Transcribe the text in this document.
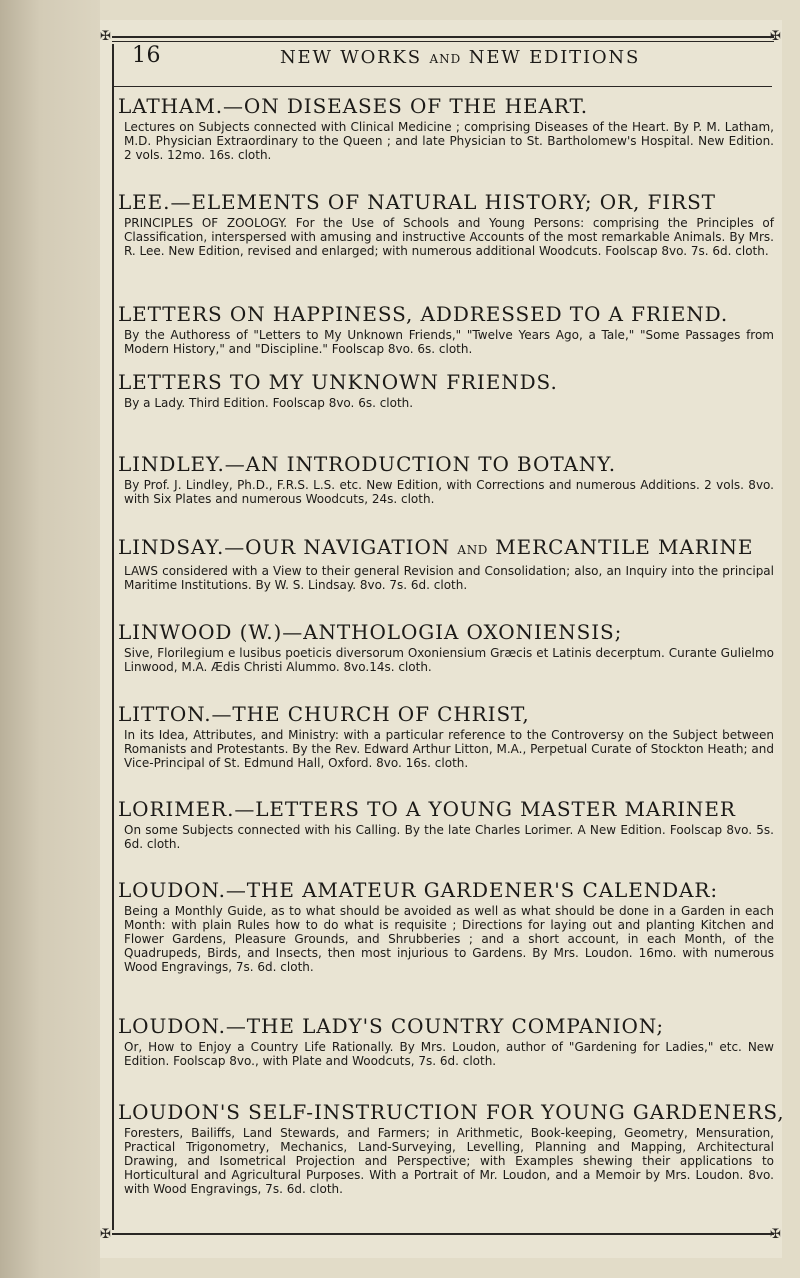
✠	✠
✠	✠
16	NEW WORKS AND NEW EDITIONS
LATHAM.—ON DISEASES OF THE HEART.
Lectures on Subjects connected with Clinical Medicine ; comprising Diseases of the Heart. By P. M. Latham, M.D. Physician Extraordinary to the Queen ; and late Physician to St. Bartholomew's Hospital. New Edition. 2 vols. 12mo. 16s. cloth.
LEE.—ELEMENTS OF NATURAL HISTORY; OR, FIRST
PRINCIPLES OF ZOOLOGY. For the Use of Schools and Young Persons: comprising the Principles of Classification, interspersed with amusing and instructive Accounts of the most remarkable Animals. By Mrs. R. Lee. New Edition, revised and enlarged; with numerous additional Woodcuts. Foolscap 8vo. 7s. 6d. cloth.
LETTERS ON HAPPINESS, ADDRESSED TO A FRIEND.
By the Authoress of "Letters to My Unknown Friends," "Twelve Years Ago, a Tale," "Some Passages from Modern History," and "Discipline." Foolscap 8vo. 6s. cloth.
LETTERS TO MY UNKNOWN FRIENDS.
By a Lady. Third Edition. Foolscap 8vo. 6s. cloth.
LINDLEY.—AN INTRODUCTION TO BOTANY.
By Prof. J. Lindley, Ph.D., F.R.S. L.S. etc. New Edition, with Corrections and numerous Additions. 2 vols. 8vo. with Six Plates and numerous Woodcuts, 24s. cloth.
LINDSAY.—OUR NAVIGATION AND MERCANTILE MARINE
LAWS considered with a View to their general Revision and Consolidation; also, an Inquiry into the principal Maritime Institutions. By W. S. Lindsay. 8vo. 7s. 6d. cloth.
LINWOOD (W.)—ANTHOLOGIA OXONIENSIS;
Sive, Florilegium e lusibus poeticis diversorum Oxoniensium Græcis et Latinis decerptum. Curante Gulielmo Linwood, M.A. Ædis Christi Alummo. 8vo.14s. cloth.
LITTON.—THE CHURCH OF CHRIST,
In its Idea, Attributes, and Ministry: with a particular reference to the Controversy on the Subject between Romanists and Protestants. By the Rev. Edward Arthur Litton, M.A., Perpetual Curate of Stockton Heath; and Vice-Principal of St. Edmund Hall, Oxford. 8vo. 16s. cloth.
LORIMER.—LETTERS TO A YOUNG MASTER MARINER
On some Subjects connected with his Calling. By the late Charles Lorimer. A New Edition. Foolscap 8vo. 5s. 6d. cloth.
LOUDON.—THE AMATEUR GARDENER'S CALENDAR:
Being a Monthly Guide, as to what should be avoided as well as what should be done in a Garden in each Month: with plain Rules how to do what is requisite ; Directions for laying out and planting Kitchen and Flower Gardens, Pleasure Grounds, and Shrubberies ; and a short account, in each Month, of the Quadrupeds, Birds, and Insects, then most injurious to Gardens. By Mrs. Loudon. 16mo. with numerous Wood Engravings, 7s. 6d. cloth.
LOUDON.—THE LADY'S COUNTRY COMPANION;
Or, How to Enjoy a Country Life Rationally. By Mrs. Loudon, author of "Gardening for Ladies," etc. New Edition. Foolscap 8vo., with Plate and Woodcuts, 7s. 6d. cloth.
LOUDON'S SELF-INSTRUCTION FOR YOUNG GARDENERS,
Foresters, Bailiffs, Land Stewards, and Farmers; in Arithmetic, Book-keeping, Geometry, Mensuration, Practical Trigonometry, Mechanics, Land-Surveying, Levelling, Planning and Mapping, Architectural Drawing, and Isometrical Projection and Perspective; with Examples shewing their applications to Horticultural and Agricultural Purposes. With a Portrait of Mr. Loudon, and a Memoir by Mrs. Loudon. 8vo. with Wood Engravings, 7s. 6d. cloth.
